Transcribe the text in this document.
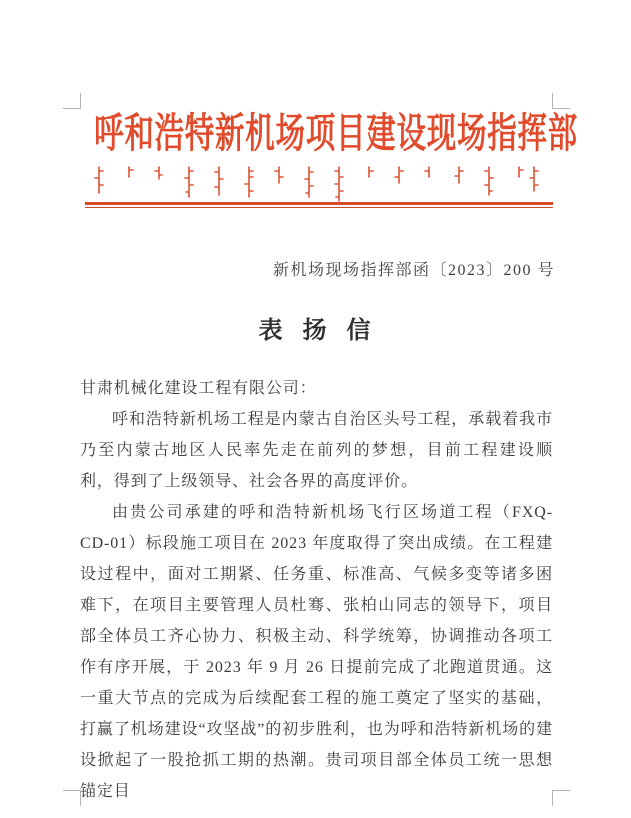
呼和浩特新机场项目建设现场指挥部
新机场现场指挥部函〔2023〕200 号
表 扬 信

甘肃机械化建设工程有限公司：

呼和浩特新机场工程是内蒙古自治区头号工程，承载着我市乃至内蒙古地区人民率先走在前列的梦想，目前工程建设顺利，得到了上级领导、社会各界的高度评价。

由贵公司承建的呼和浩特新机场飞行区场道工程（FXQ-CD-01）标段施工项目在 2023 年度取得了突出成绩。在工程建设过程中，面对工期紧、任务重、标准高、气候多变等诸多困难下，在项目主要管理人员杜骞、张柏山同志的领导下，项目部全体员工齐心协力、积极主动、科学统筹，协调推动各项工作有序开展，于 2023 年 9 月 26 日提前完成了北跑道贯通。这一重大节点的完成为后续配套工程的施工奠定了坚实的基础，打赢了机场建设“攻坚战”的初步胜利，也为呼和浩特新机场的建设掀起了一股抢抓工期的热潮。贵司项目部全体员工统一思想锚定目
